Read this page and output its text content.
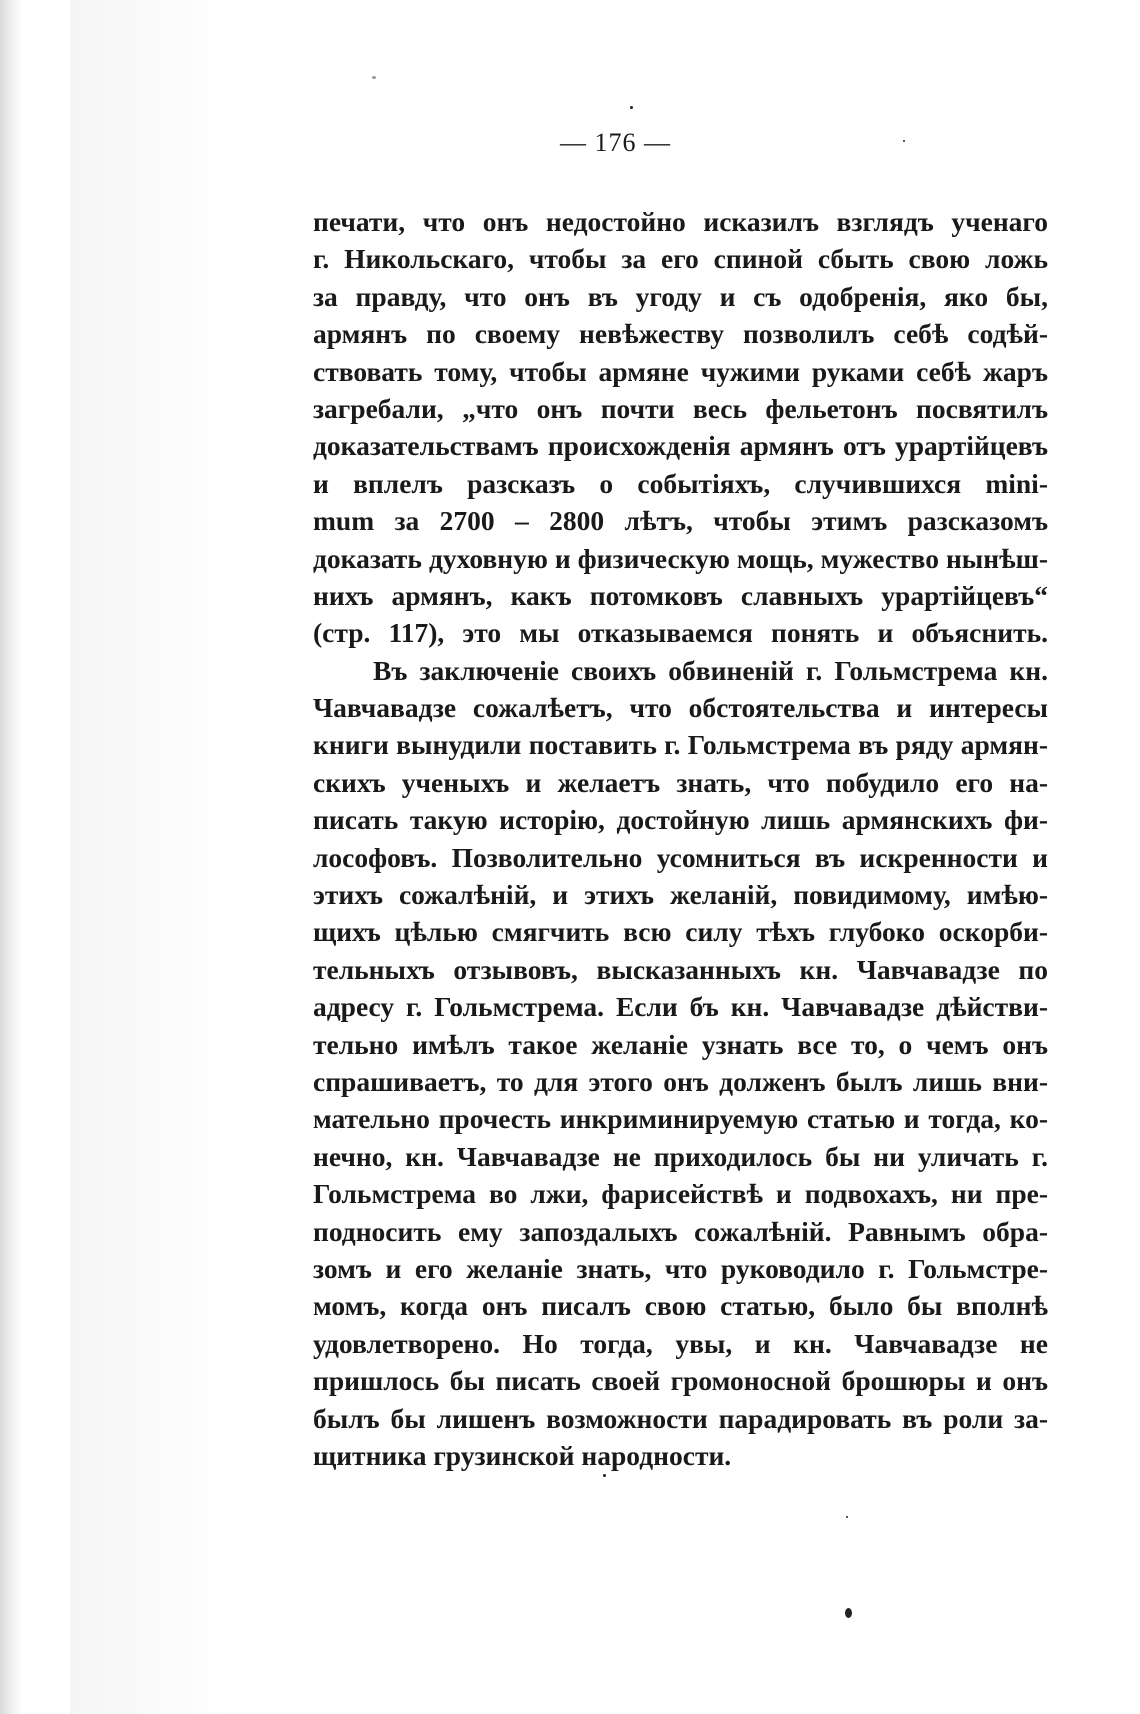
— 176 —
печати, что онъ недостойно исказилъ взглядъ ученаго
г. Никольскаго, чтобы за его спиной сбыть свою ложь
за правду, что онъ въ угоду и съ одобренія, яко бы,
армянъ по своему невѣжеству позволилъ себѣ содѣй-
ствовать тому, чтобы армяне чужими руками себѣ жаръ
загребали, „что онъ почти весь фельетонъ посвятилъ
доказательствамъ происхожденія армянъ отъ урартійцевъ
и вплелъ разсказъ о событіяхъ, случившихся mini-
mum за 2700 – 2800 лѣтъ, чтобы этимъ разсказомъ
доказать духовную и физическую мощь, мужество нынѣш-
нихъ армянъ, какъ потомковъ славныхъ урартійцевъ“
(стр. 117), это мы отказываемся понять и объяснить.
Въ заключеніе своихъ обвиненій г. Гольмстрема кн.
Чавчавадзе сожалѣетъ, что обстоятельства и интересы
книги вынудили поставить г. Гольмстрема въ ряду армян-
скихъ ученыхъ и желаетъ знать, что побудило его на-
писать такую исторію, достойную лишь армянскихъ фи-
лософовъ. Позволительно усомниться въ искренности и
этихъ сожалѣній, и этихъ желаній, повидимому, имѣю-
щихъ цѣлью смягчить всю силу тѣхъ глубоко оскорби-
тельныхъ отзывовъ, высказанныхъ кн. Чавчавадзе по
адресу г. Гольмстрема. Если бъ кн. Чавчавадзе дѣйстви-
тельно имѣлъ такое желаніе узнать все то, о чемъ онъ
спрашиваетъ, то для этого онъ долженъ былъ лишь вни-
мательно прочесть инкриминируемую статью и тогда, ко-
нечно, кн. Чавчавадзе не приходилось бы ни уличать г.
Гольмстрема во лжи, фарисействѣ и подвохахъ, ни пре-
подносить ему запоздалыхъ сожалѣній. Равнымъ обра-
зомъ и его желаніе знать, что руководило г. Гольмстре-
момъ, когда онъ писалъ свою статью, было бы вполнѣ
удовлетворено. Но тогда, увы, и кн. Чавчавадзе не
пришлось бы писать своей громоносной брошюры и онъ
былъ бы лишенъ возможности парадировать въ роли за-
щитника грузинской народности.
